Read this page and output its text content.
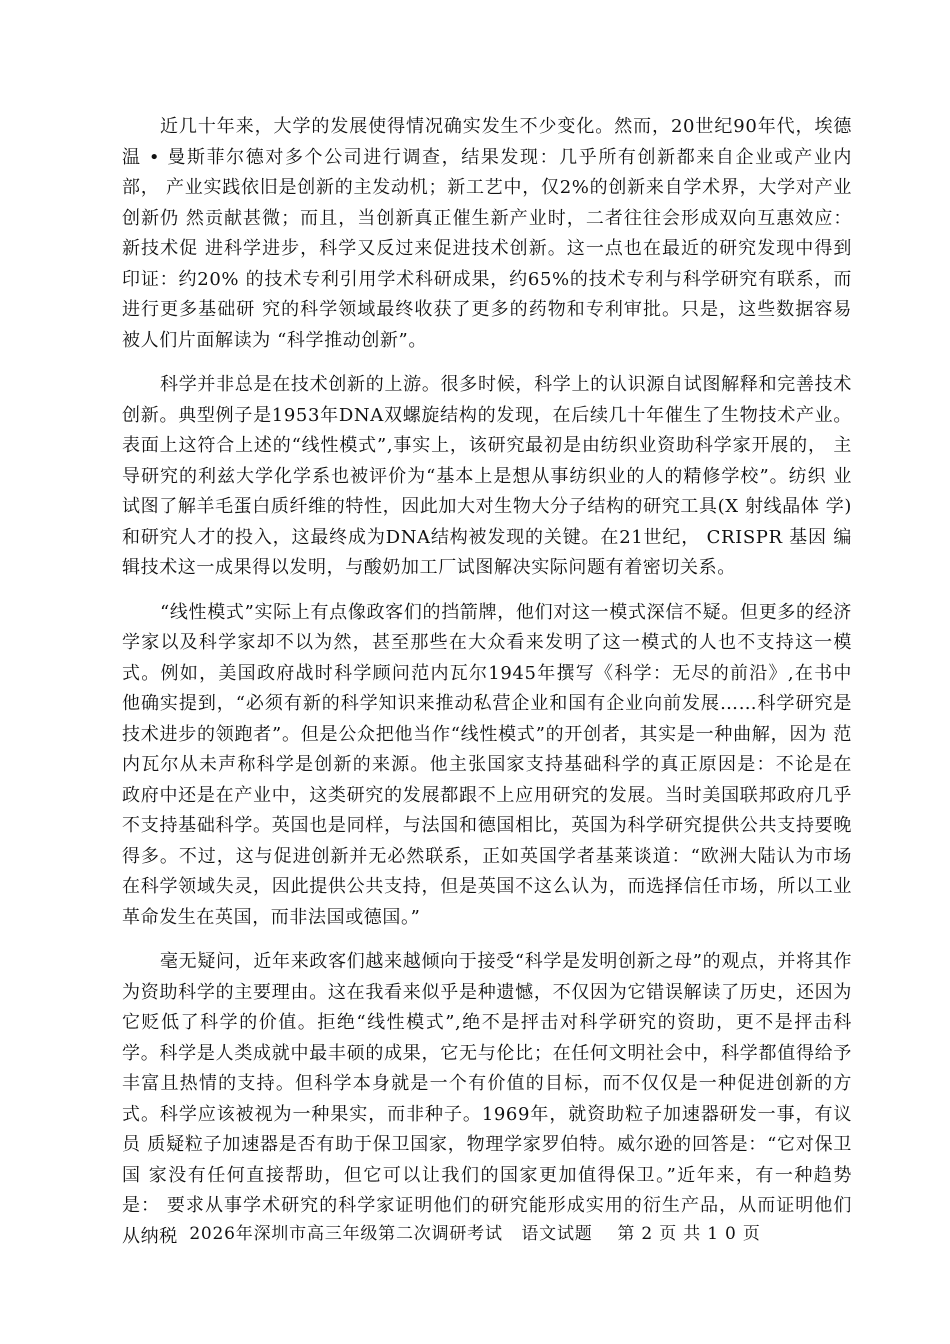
近几十年来，大学的发展使得情况确实发生不少变化。然而，20世纪90年代，埃德 温 • 曼斯菲尔德对多个公司进行调查，结果发现：几乎所有创新都来自企业或产业内部， 产业实践依旧是创新的主发动机；新工艺中，仅2%的创新来自学术界，大学对产业创新仍 然贡献甚微；而且，当创新真正催生新产业时，二者往往会形成双向互惠效应：新技术促 进科学进步，科学又反过来促进技术创新。这一点也在最近的研究发现中得到印证：约20% 的技术专利引用学术科研成果，约65%的技术专利与科学研究有联系，而进行更多基础研 究的科学领域最终收获了更多的药物和专利审批。只是，这些数据容易被人们片面解读为 “科学推动创新”。

科学并非总是在技术创新的上游。很多时候，科学上的认识源自试图解释和完善技术创新。典型例子是1953年DNA双螺旋结构的发现，在后续几十年催生了生物技术产业。 表面上这符合上述的“线性模式”,事实上，该研究最初是由纺织业资助科学家开展的， 主导研究的利兹大学化学系也被评价为“基本上是想从事纺织业的人的精修学校”。纺织 业试图了解羊毛蛋白质纤维的特性，因此加大对生物大分子结构的研究工具(X 射线晶体 学)和研究人才的投入，这最终成为DNA结构被发现的关键。在21世纪， CRISPR 基因 编辑技术这一成果得以发明，与酸奶加工厂试图解决实际问题有着密切关系。

“线性模式”实际上有点像政客们的挡箭牌，他们对这一模式深信不疑。但更多的经济学家以及科学家却不以为然，甚至那些在大众看来发明了这一模式的人也不支持这一模式。例如，美国政府战时科学顾问范内瓦尔1945年撰写《科学：无尽的前沿》,在书中 他确实提到，“必须有新的科学知识来推动私营企业和国有企业向前发展……科学研究是 技术进步的领跑者”。但是公众把他当作“线性模式”的开创者，其实是一种曲解，因为 范内瓦尔从未声称科学是创新的来源。他主张国家支持基础科学的真正原因是：不论是在 政府中还是在产业中，这类研究的发展都跟不上应用研究的发展。当时美国联邦政府几乎 不支持基础科学。英国也是同样，与法国和德国相比，英国为科学研究提供公共支持要晚 得多。不过，这与促进创新并无必然联系，正如英国学者基莱谈道：“欧洲大陆认为市场 在科学领域失灵，因此提供公共支持，但是英国不这么认为，而选择信任市场，所以工业 革命发生在英国，而非法国或德国。”

毫无疑问，近年来政客们越来越倾向于接受“科学是发明创新之母”的观点，并将其作为资助科学的主要理由。这在我看来似乎是种遗憾，不仅因为它错误解读了历史，还因为它贬低了科学的价值。拒绝“线性模式”,绝不是抨击对科学研究的资助，更不是抨击科学。科学是人类成就中最丰硕的成果，它无与伦比；在任何文明社会中，科学都值得给予丰富且热情的支持。但科学本身就是一个有价值的目标，而不仅仅是一种促进创新的方式。科学应该被视为一种果实，而非种子。1969年，就资助粒子加速器研发一事，有议员 质疑粒子加速器是否有助于保卫国家，物理学家罗伯特。威尔逊的回答是：“它对保卫国 家没有任何直接帮助，但它可以让我们的国家更加值得保卫。”近年来，有一种趋势是： 要求从事学术研究的科学家证明他们的研究能形成实用的衍生产品，从而证明他们从纳税 2026年深圳市高三年级第二次调研考试   语文试题    第 2 页 共 1 0 页
